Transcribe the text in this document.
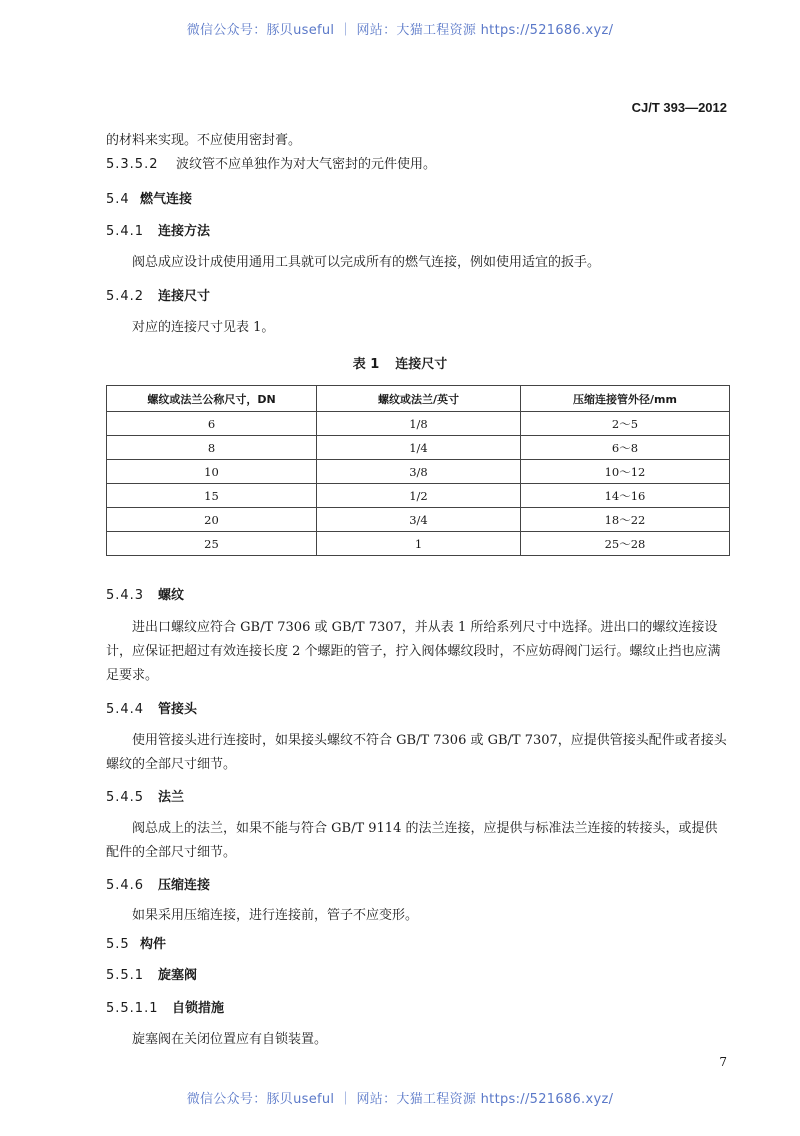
微信公众号：豚贝useful ｜ 网站：大猫工程资源 https://521686.xyz/
CJ/T 393—2012
的材料来实现。不应使用密封膏。
5.3.5.2 波纹管不应单独作为对大气密封的元件使用。
5.4 燃气连接
5.4.1 连接方法
阀总成应设计成使用通用工具就可以完成所有的燃气连接，例如使用适宜的扳手。
5.4.2 连接尺寸
对应的连接尺寸见表 1。
表 1 连接尺寸
螺纹或法兰公称尺寸，DN	螺纹或法兰/英寸	压缩连接管外径/mm
6	1/8	2～5
8	1/4	6～8
10	3/8	10～12
15	1/2	14～16
20	3/4	18～22
25	1	25～28
5.4.3 螺纹
进出口螺纹应符合 GB/T 7306 或 GB/T 7307，并从表 1 所给系列尺寸中选择。进出口的螺纹连接设计，应保证把超过有效连接长度 2 个螺距的管子，拧入阀体螺纹段时，不应妨碍阀门运行。螺纹止挡也应满足要求。
5.4.4 管接头
使用管接头进行连接时，如果接头螺纹不符合 GB/T 7306 或 GB/T 7307，应提供管接头配件或者接头螺纹的全部尺寸细节。
5.4.5 法兰
阀总成上的法兰，如果不能与符合 GB/T 9114 的法兰连接，应提供与标准法兰连接的转接头，或提供配件的全部尺寸细节。
5.4.6 压缩连接
如果采用压缩连接，进行连接前，管子不应变形。
5.5 构件
5.5.1 旋塞阀
5.5.1.1 自锁措施
旋塞阀在关闭位置应有自锁装置。
7
微信公众号：豚贝useful ｜ 网站：大猫工程资源 https://521686.xyz/
